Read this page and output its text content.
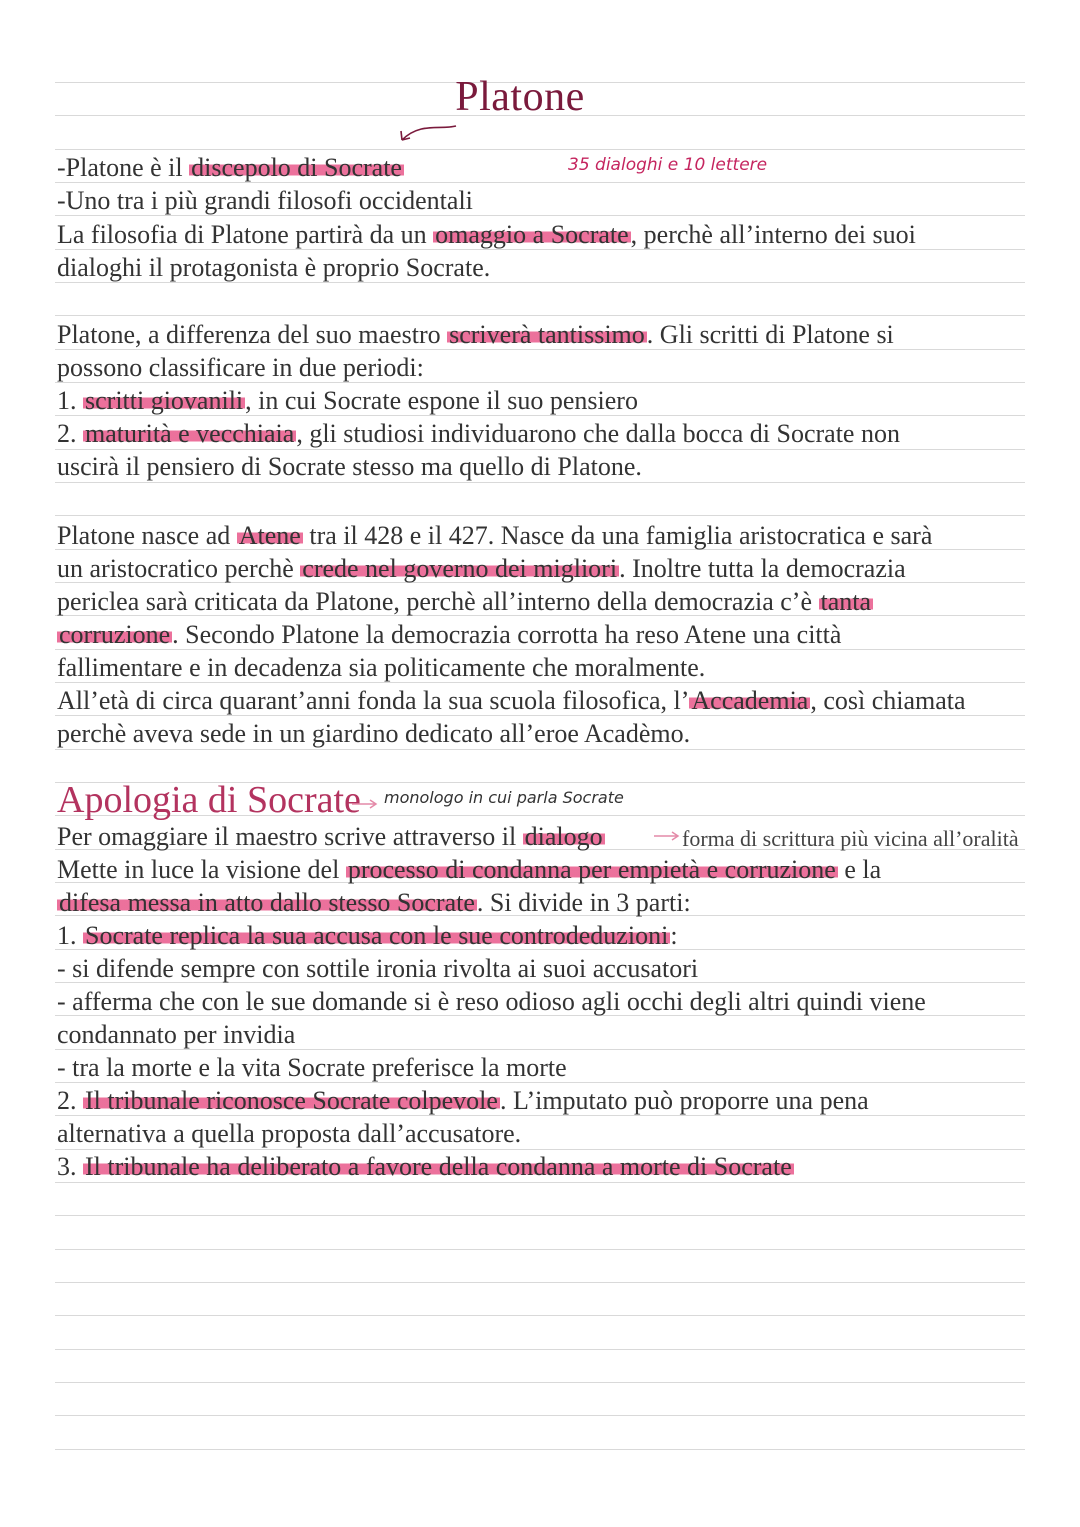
Platone
35 dialoghi e 10 lettere
-Platone è il discepolo di Socrate
-Uno tra i più grandi filosofi occidentali
La filosofia di Platone partirà da un omaggio a Socrate, perchè all’interno dei suoi
dialoghi il protagonista è proprio Socrate.
Platone, a differenza del suo maestro scriverà tantissimo. Gli scritti di Platone si
possono classificare in due periodi:
1. scritti giovanili, in cui Socrate espone il suo pensiero
2. maturità e vecchiaia, gli studiosi individuarono che dalla bocca di Socrate non
uscirà il pensiero di Socrate stesso ma quello di Platone.
Platone nasce ad Atene tra il 428 e il 427. Nasce da una famiglia aristocratica e sarà
un aristocratico perchè crede nel governo dei migliori. Inoltre tutta la democrazia
periclea sarà criticata da Platone, perchè all’interno della democrazia c’è tanta
corruzione. Secondo Platone la democrazia corrotta ha reso Atene una città
fallimentare e in decadenza sia politicamente che moralmente.
All’età di circa quarant’anni fonda la sua scuola filosofica, l’Accademia, così chiamata
perchè aveva sede in un giardino dedicato all’eroe Acadèmo.
Per omaggiare il maestro scrive attraverso il dialogo
Mette in luce la visione del processo di condanna per empietà e corruzione e la
difesa messa in atto dallo stesso Socrate. Si divide in 3 parti:
1. Socrate replica la sua accusa con le sue controdeduzioni:
- si difende sempre con sottile ironia rivolta ai suoi accusatori
- afferma che con le sue domande si è reso odioso agli occhi degli altri quindi viene
condannato per invidia
- tra la morte e la vita Socrate preferisce la morte
2. Il tribunale riconosce Socrate colpevole. L’imputato può proporre una pena
alternativa a quella proposta dall’accusatore.
3. Il tribunale ha deliberato a favore della condanna a morte di Socrate
Apologia di Socrate monologo in cui parla Socrate
forma di scrittura più vicina all’oralità
